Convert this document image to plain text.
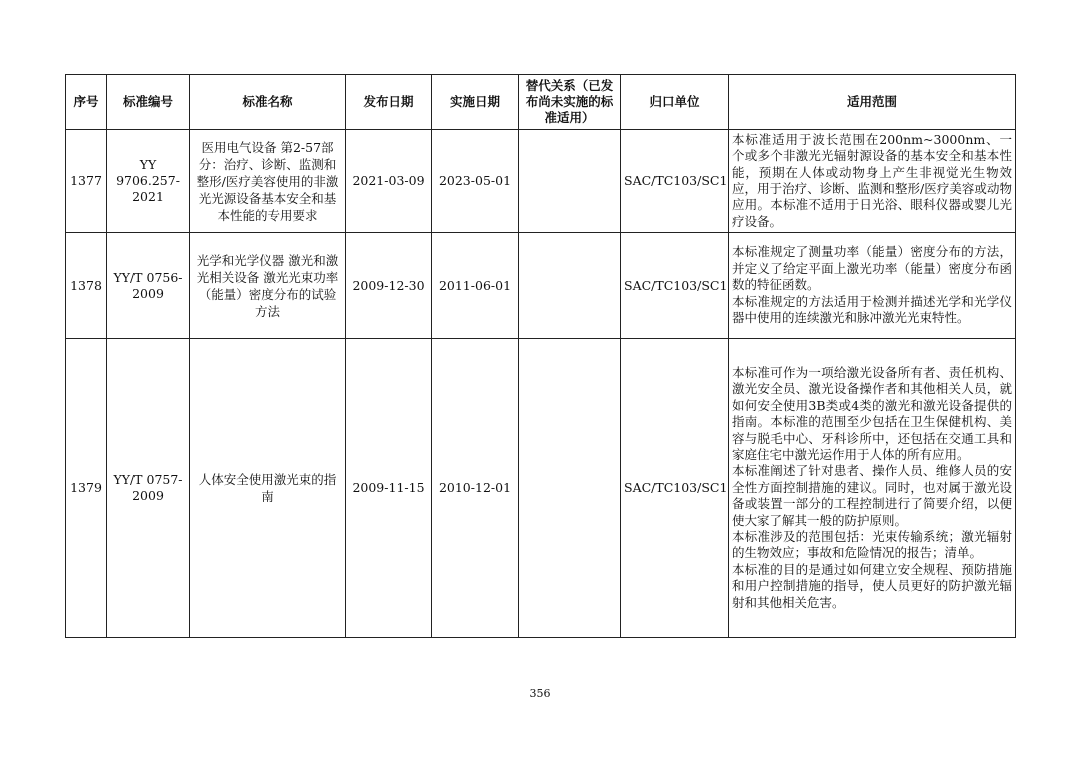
序号	标准编号	标准名称	发布日期	实施日期	替代关系（已发布尚未实施的标准适用）	归口单位	适用范围
1377	YY 9706.257-2021	医用电气设备 第2-57部分：治疗、诊断、监测和整形/医疗美容使用的非激光光源设备基本安全和基本性能的专用要求	2021-03-09	2023-05-01		SAC/TC103/SC1	本标准适用于波长范围在200nm~3000nm、一个或多个非激光光辐射源设备的基本安全和基本性能，预期在人体或动物身上产生非视觉光生物效应，用于治疗、诊断、监测和整形/医疗美容或动物应用。本标准不适用于日光浴、眼科仪器或婴儿光疗设备。

1378	YY/T 0756-2009	光学和光学仪器 激光和激光相关设备 激光光束功率（能量）密度分布的试验方法	2009-12-30	2011-06-01		SAC/TC103/SC1	本标准规定了测量功率（能量）密度分布的方法，并定义了给定平面上激光功率（能量）密度分布函数的特征函数。

本标准规定的方法适用于检测并描述光学和光学仪器中使用的连续激光和脉冲激光光束特性。

1379	YY/T 0757-2009	人体安全使用激光束的指南	2009-11-15	2010-12-01		SAC/TC103/SC1	本标准可作为一项给激光设备所有者、责任机构、激光安全员、激光设备操作者和其他相关人员，就如何安全使用3B类或4类的激光和激光设备提供的指南。本标准的范围至少包括在卫生保健机构、美容与脱毛中心、牙科诊所中，还包括在交通工具和家庭住宅中激光运作用于人体的所有应用。

本标准阐述了针对患者、操作人员、维修人员的安全性方面控制措施的建议。同时，也对属于激光设备或装置一部分的工程控制进行了简要介绍，以便使大家了解其一般的防护原则。

本标准涉及的范围包括：光束传输系统；激光辐射的生物效应；事故和危险情况的报告；清单。

本标准的目的是通过如何建立安全规程、预防措施和用户控制措施的指导，使人员更好的防护激光辐射和其他相关危害。

356
